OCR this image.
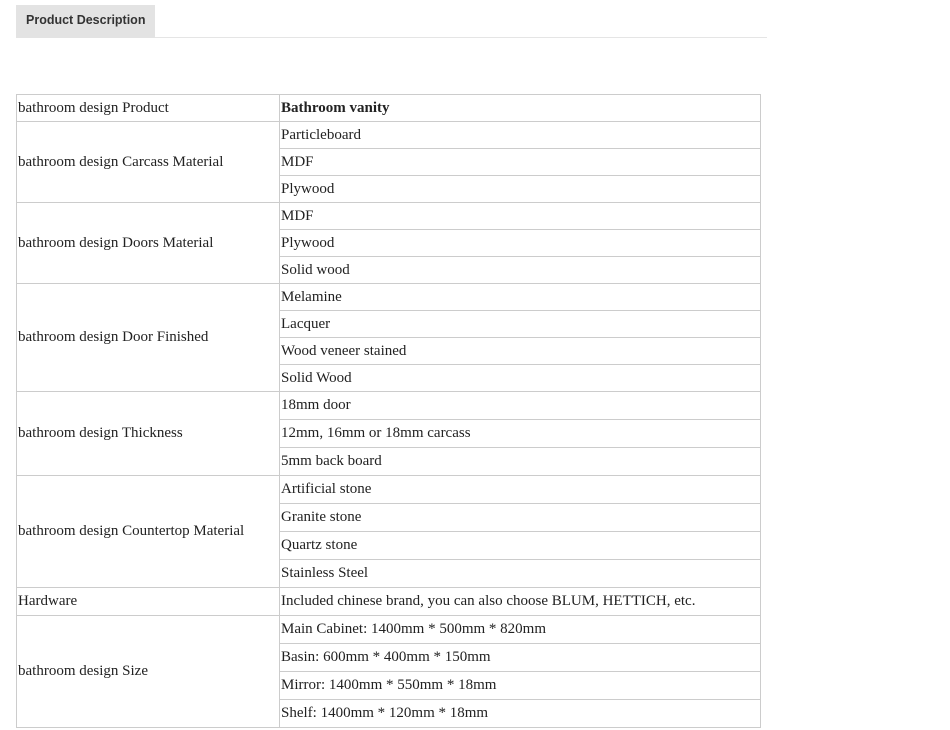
Product Description
bathroom design Product	Bathroom vanity
bathroom design Carcass Material	Particleboard
	MDF
	Plywood
bathroom design Doors Material	MDF
	Plywood
	Solid wood
bathroom design Door Finished	Melamine
	Lacquer
	Wood veneer stained
	Solid Wood
bathroom design Thickness	18mm door
	12mm, 16mm or 18mm carcass
	5mm back board
bathroom design Countertop Material	Artificial stone
	Granite stone
	Quartz stone
	Stainless Steel
Hardware	Included chinese brand, you can also choose BLUM, HETTICH, etc.
bathroom design Size	Main Cabinet: 1400mm * 500mm * 820mm
	Basin: 600mm * 400mm * 150mm
	Mirror: 1400mm * 550mm * 18mm
	Shelf: 1400mm * 120mm * 18mm
